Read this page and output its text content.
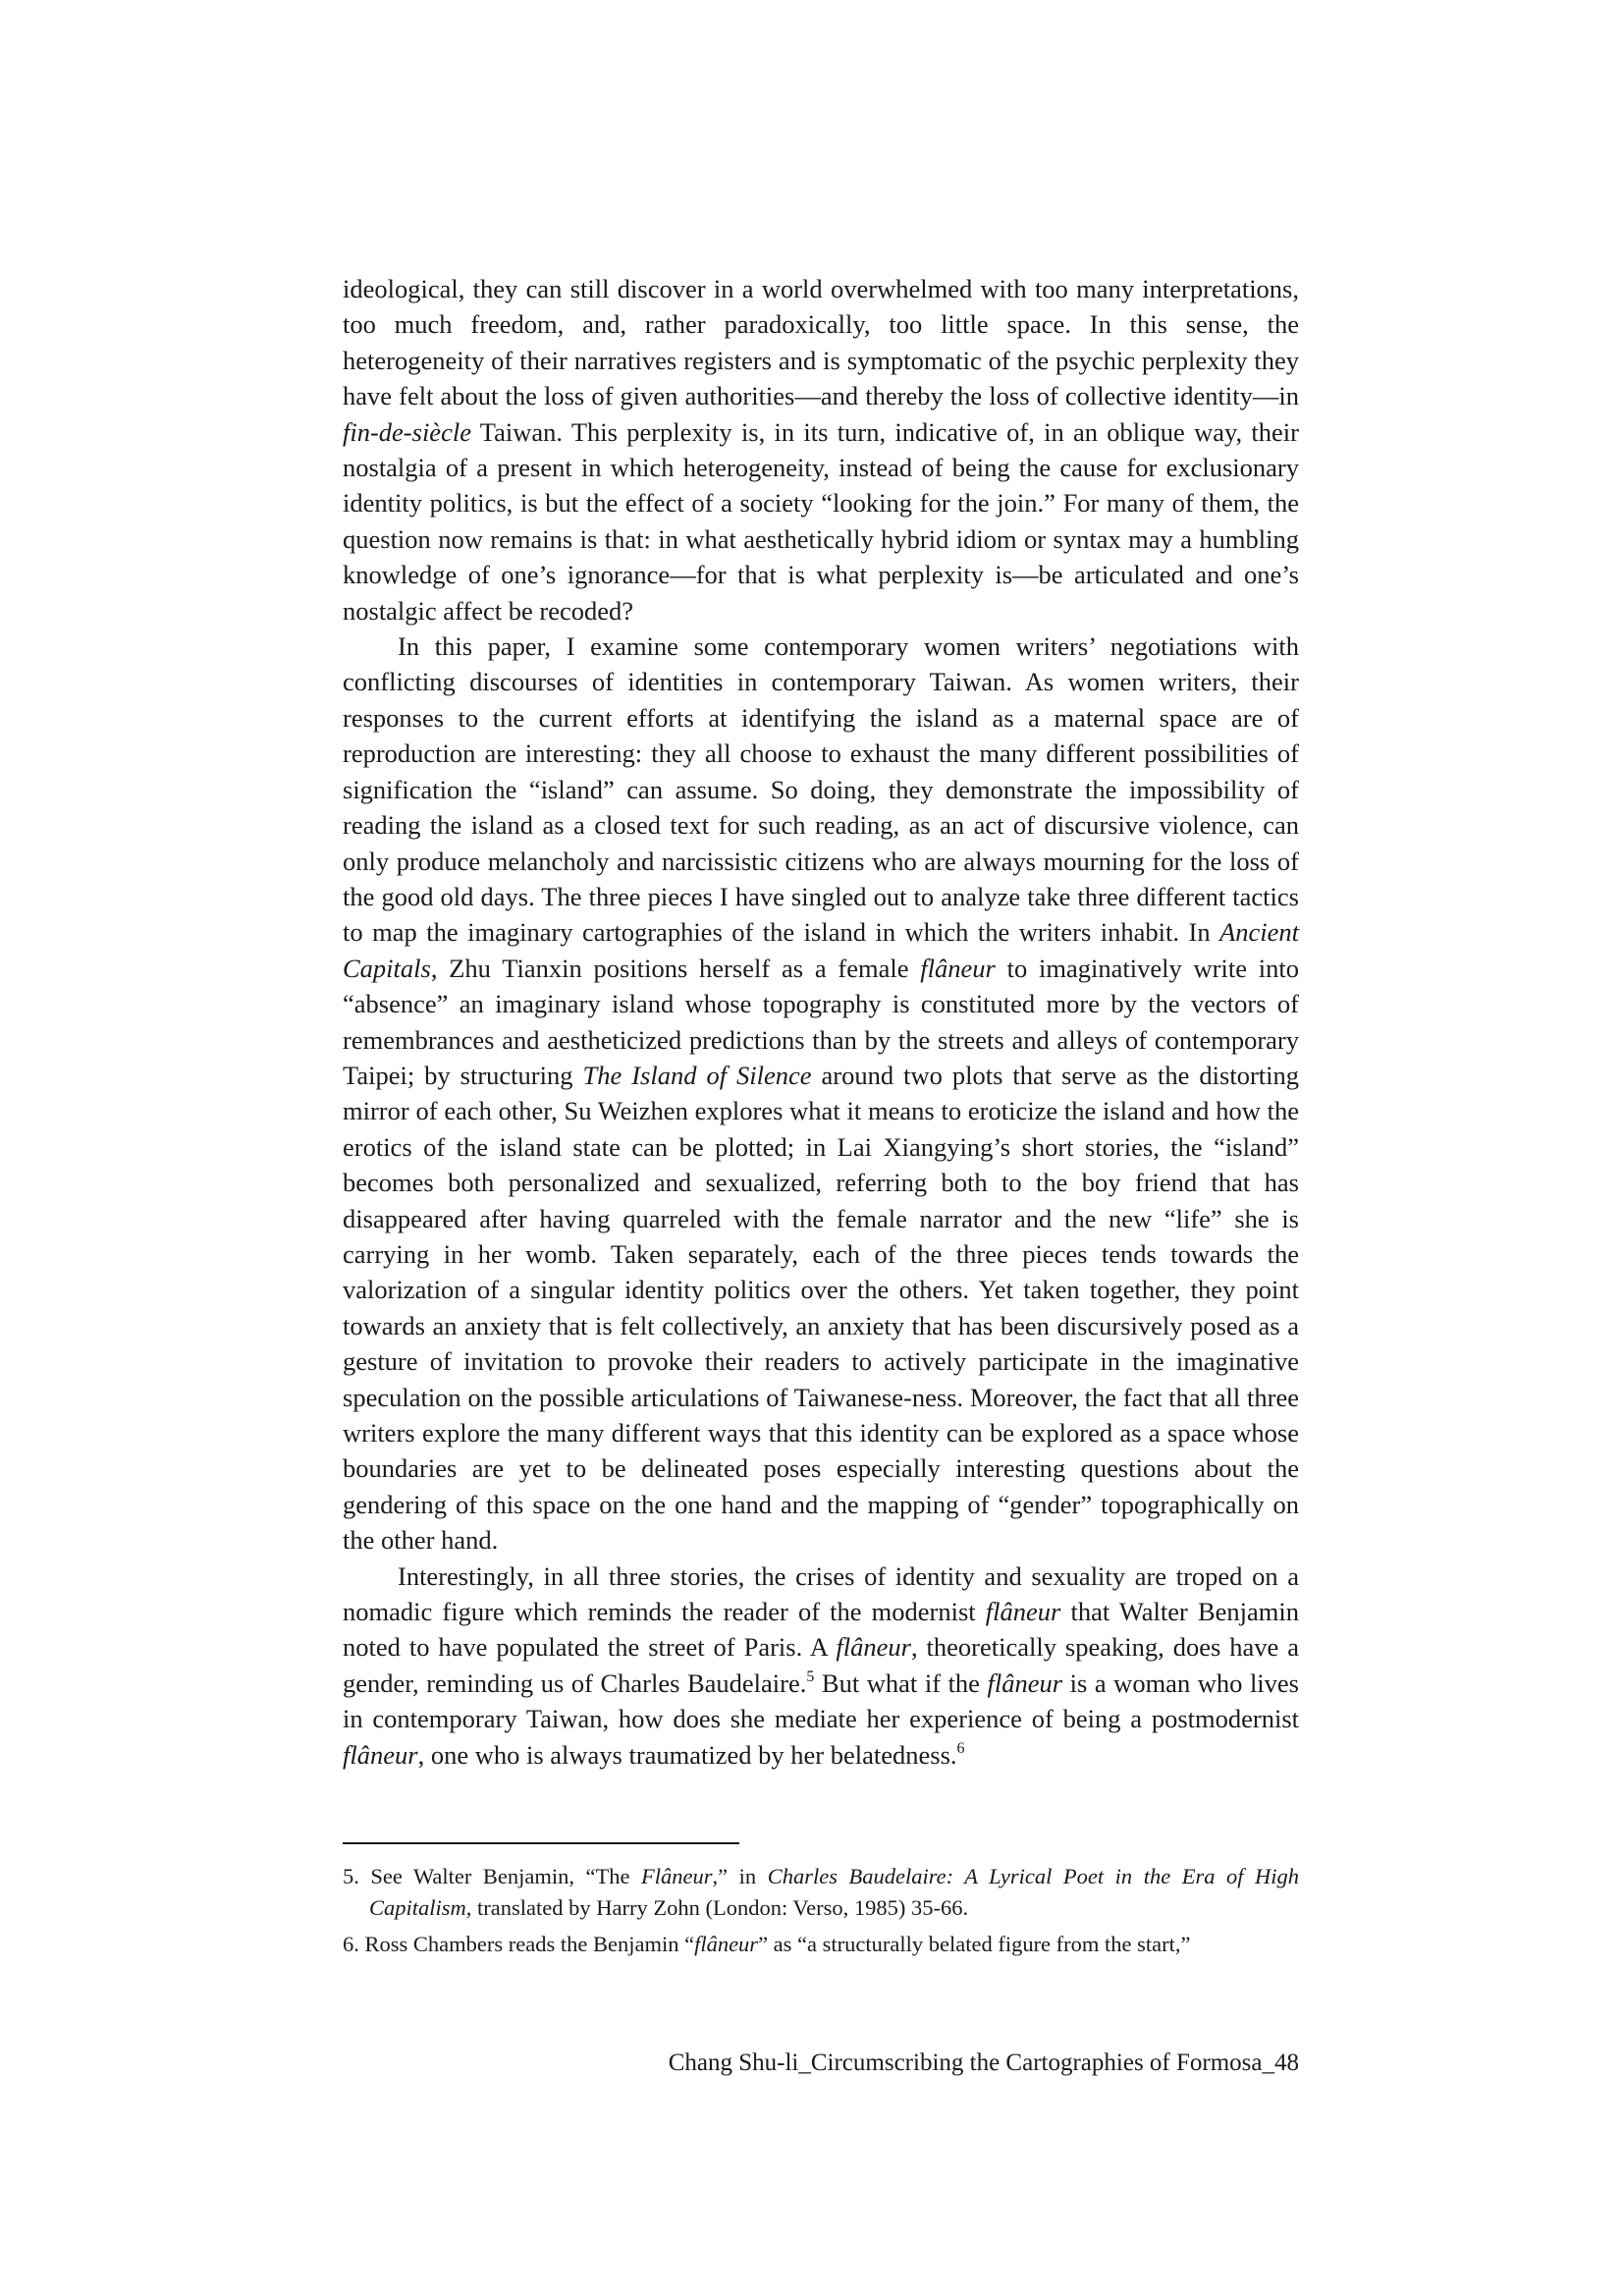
ideological, they can still discover in a world overwhelmed with too many interpretations, too much freedom, and, rather paradoxically, too little space. In this sense, the heterogeneity of their narratives registers and is symptomatic of the psychic perplexity they have felt about the loss of given authorities—and thereby the loss of collective identity—in fin-de-siècle Taiwan. This perplexity is, in its turn, indicative of, in an oblique way, their nostalgia of a present in which heterogeneity, instead of being the cause for exclusionary identity politics, is but the effect of a society “looking for the join.” For many of them, the question now remains is that: in what aesthetically hybrid idiom or syntax may a humbling knowledge of one’s ignorance—for that is what perplexity is—be articulated and one’s nostalgic affect be recoded?

In this paper, I examine some contemporary women writers’ negotiations with conflicting discourses of identities in contemporary Taiwan. As women writers, their responses to the current efforts at identifying the island as a maternal space are of reproduction are interesting: they all choose to exhaust the many different possibilities of signification the “island” can assume. So doing, they demonstrate the impossibility of reading the island as a closed text for such reading, as an act of discursive violence, can only produce melancholy and narcissistic citizens who are always mourning for the loss of the good old days. The three pieces I have singled out to analyze take three different tactics to map the imaginary cartographies of the island in which the writers inhabit. In Ancient Capitals, Zhu Tianxin positions herself as a female flâneur to imaginatively write into “absence” an imaginary island whose topography is constituted more by the vectors of remembrances and aestheticized predictions than by the streets and alleys of contemporary Taipei; by structuring The Island of Silence around two plots that serve as the distorting mirror of each other, Su Weizhen explores what it means to eroticize the island and how the erotics of the island state can be plotted; in Lai Xiangying’s short stories, the “island” becomes both personalized and sexualized, referring both to the boy friend that has disappeared after having quarreled with the female narrator and the new “life” she is carrying in her womb. Taken separately, each of the three pieces tends towards the valorization of a singular identity politics over the others. Yet taken together, they point towards an anxiety that is felt collectively, an anxiety that has been discursively posed as a gesture of invitation to provoke their readers to actively participate in the imaginative speculation on the possible articulations of Taiwanese-ness. Moreover, the fact that all three writers explore the many different ways that this identity can be explored as a space whose boundaries are yet to be delineated poses especially interesting questions about the gendering of this space on the one hand and the mapping of “gender” topographically on the other hand.

Interestingly, in all three stories, the crises of identity and sexuality are troped on a nomadic figure which reminds the reader of the modernist flâneur that Walter Benjamin noted to have populated the street of Paris. A flâneur, theoretically speaking, does have a gender, reminding us of Charles Baudelaire.$^5$ But what if the flâneur is a woman who lives in contemporary Taiwan, how does she mediate her experience of being a postmodernist flâneur, one who is always traumatized by her belatedness.$^6$

5. See Walter Benjamin, “The Flâneur,” in Charles Baudelaire: A Lyrical Poet in the Era of High Capitalism, translated by Harry Zohn (London: Verso, 1985) 35-66.

6. Ross Chambers reads the Benjamin “flâneur” as “a structurally belated figure from the start,”

Chang Shu-li_Circumscribing the Cartographies of Formosa_48
